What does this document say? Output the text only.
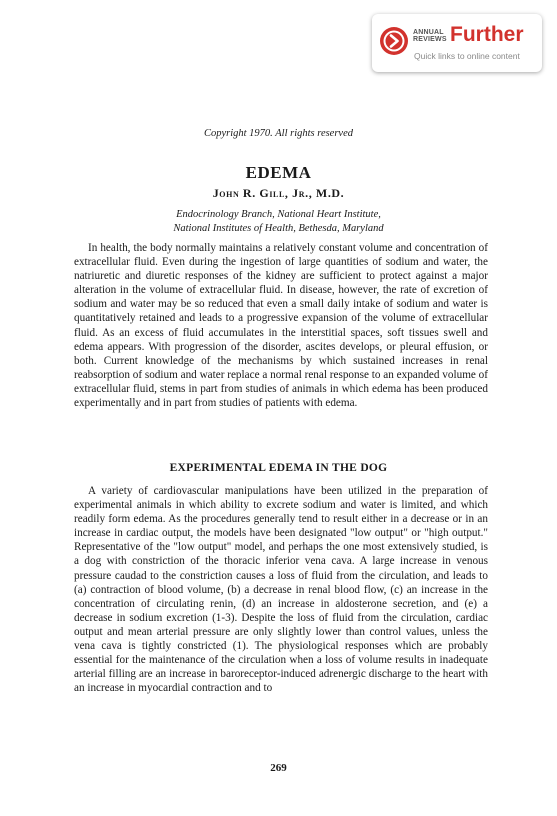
ANNUAL
REVIEWS Further
Quick links to online content
Copyright 1970. All rights reserved
EDEMA
John R. Gill, Jr., M.D.
Endocrinology Branch, National Heart Institute,
National Institutes of Health, Bethesda, Maryland

In health, the body normally maintains a relatively constant volume and concentration of extracellular fluid. Even during the ingestion of large quantities of sodium and water, the natriuretic and diuretic responses of the kidney are sufficient to protect against a major alteration in the volume of extracellular fluid. In disease, however, the rate of excretion of sodium and water may be so reduced that even a small daily intake of sodium and water is quantitatively retained and leads to a progressive expansion of the volume of extracellular fluid. As an excess of fluid accumulates in the interstitial spaces, soft tissues swell and edema appears. With progression of the disorder, ascites develops, or pleural effusion, or both. Current knowledge of the mechanisms by which sustained increases in renal reabsorption of sodium and water replace a normal renal response to an expanded volume of extracellular fluid, stems in part from studies of animals in which edema has been produced experimentally and in part from studies of patients with edema.

EXPERIMENTAL EDEMA IN THE DOG

A variety of cardiovascular manipulations have been utilized in the preparation of experimental animals in which ability to excrete sodium and water is limited, and which readily form edema. As the procedures generally tend to result either in a decrease or in an increase in cardiac output, the models have been designated "low output" or "high output." Representative of the "low output" model, and perhaps the one most extensively studied, is a dog with constriction of the thoracic inferior vena cava. A large increase in venous pressure caudad to the constriction causes a loss of fluid from the circulation, and leads to (a) contraction of blood volume, (b) a decrease in renal blood flow, (c) an increase in the concentration of circulating renin, (d) an increase in aldosterone secretion, and (e) a decrease in sodium excretion (1-3). Despite the loss of fluid from the circulation, cardiac output and mean arterial pressure are only slightly lower than control values, unless the vena cava is tightly constricted (1). The physiological responses which are probably essential for the maintenance of the circulation when a loss of volume results in inadequate arterial filling are an increase in baroreceptor-induced adrenergic discharge to the heart with an increase in myocardial contraction and to

269
